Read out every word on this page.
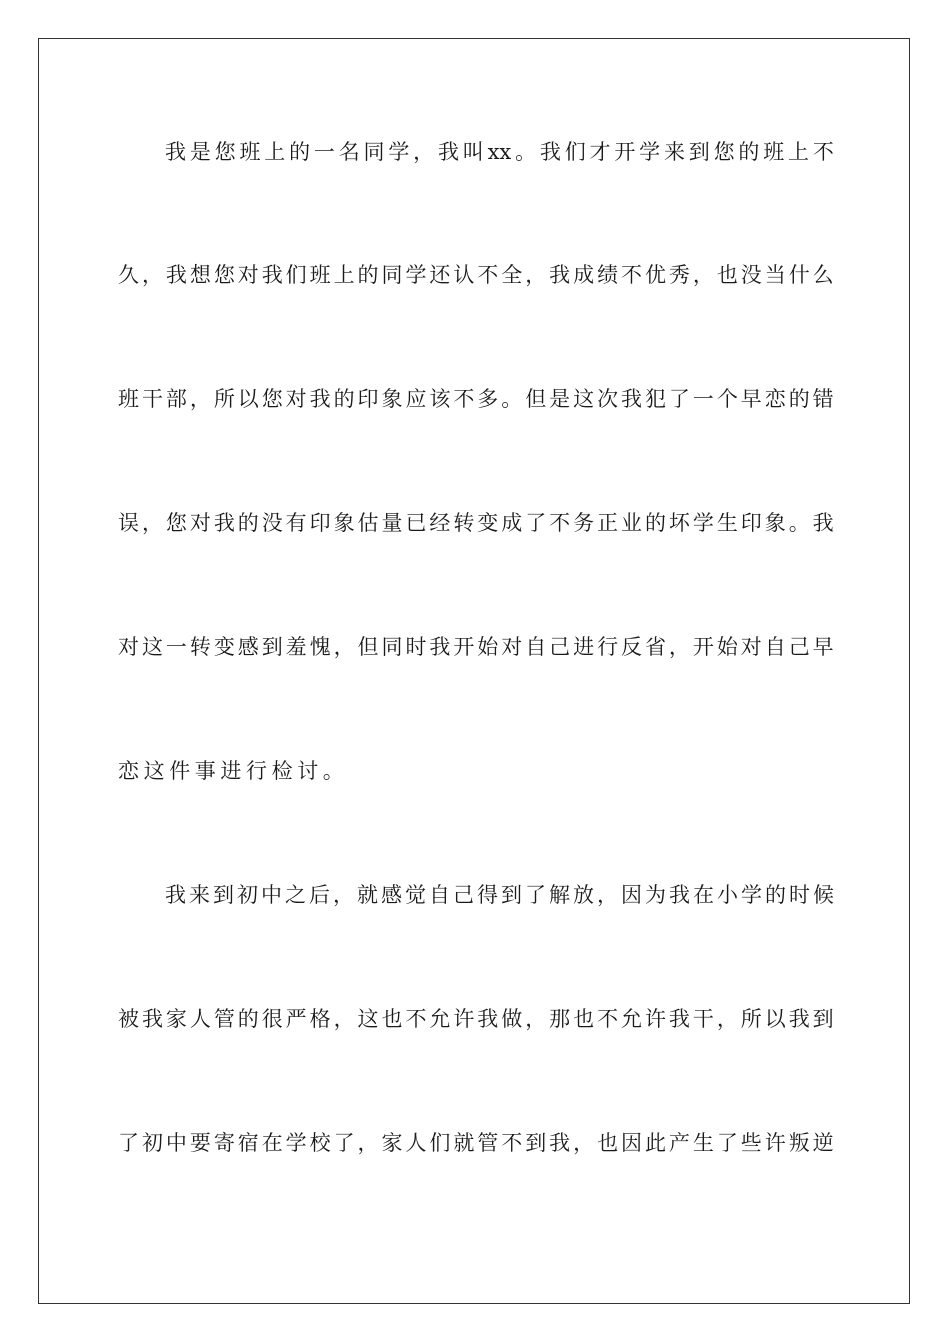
我 是 您 班 上 的 一 名 同 学 ， 我 叫 xx 。 我 们 才 开 学 来 到 您 的 班 上 不
久 ， 我 想 您 对 我 们 班 上 的 同 学 还 认 不 全 ， 我 成 绩 不 优 秀 ， 也 没 当 什 么
班 干 部 ， 所 以 您 对 我 的 印 象 应 该 不 多 。 但 是 这 次 我 犯 了 一 个 早 恋 的 错
误 ， 您 对 我 的 没 有 印 象 估 量 已 经 转 变 成 了 不 务 正 业 的 坏 学 生 印 象 。 我
对 这 一 转 变 感 到 羞 愧 ， 但 同 时 我 开 始 对 自 己 进 行 反 省 ， 开 始 对 自 己 早
恋这件事进行检讨。
我 来 到 初 中 之 后 ， 就 感 觉 自 己 得 到 了 解 放 ， 因 为 我 在 小 学 的 时 候
被 我 家 人 管 的 很 严 格 ， 这 也 不 允 许 我 做 ， 那 也 不 允 许 我 干 ， 所 以 我 到
了 初 中 要 寄 宿 在 学 校 了 ， 家 人 们 就 管 不 到 我 ， 也 因 此 产 生 了 些 许 叛 逆
